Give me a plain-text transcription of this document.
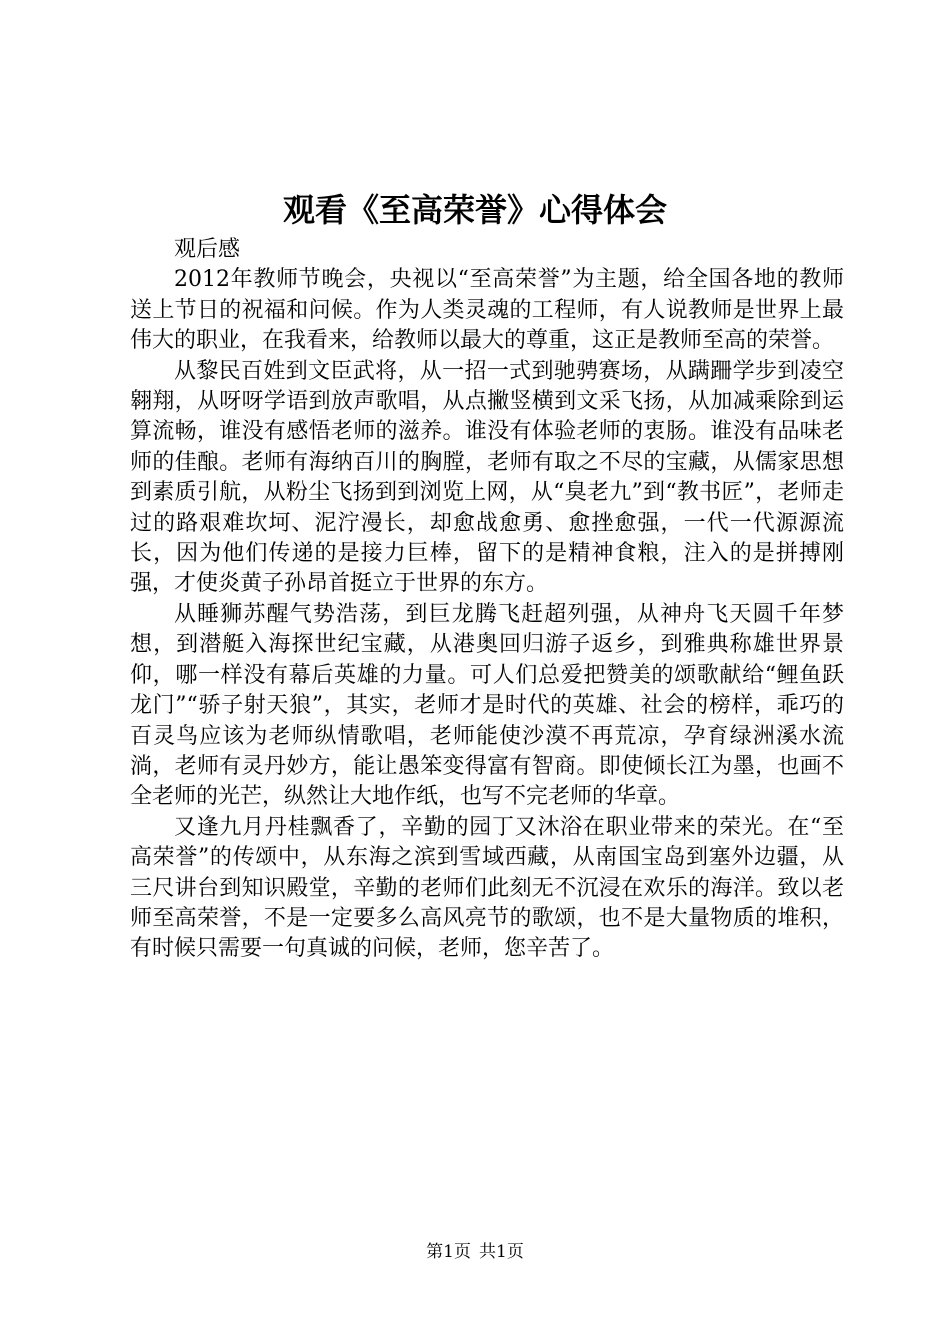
观看《至高荣誉》心得体会

观后感

2012年教师节晚会，央视以“至高荣誉”为主题，给全国各地的教师送上节日的祝福和问候。作为人类灵魂的工程师，有人说教师是世界上最伟大的职业，在我看来，给教师以最大的尊重，这正是教师至高的荣誉。

从黎民百姓到文臣武将，从一招一式到驰骋赛场，从蹒跚学步到凌空翱翔，从呀呀学语到放声歌唱，从点撇竖横到文采飞扬，从加减乘除到运算流畅，谁没有感悟老师的滋养。谁没有体验老师的衷肠。谁没有品味老师的佳酿。老师有海纳百川的胸膛，老师有取之不尽的宝藏，从儒家思想到素质引航，从粉尘飞扬到到浏览上网，从“臭老九”到“教书匠”，老师走过的路艰难坎坷、泥泞漫长，却愈战愈勇、愈挫愈强，一代一代源源流长，因为他们传递的是接力巨棒，留下的是精神食粮，注入的是拼搏刚强，才使炎黄子孙昂首挺立于世界的东方。

从睡狮苏醒气势浩荡，到巨龙腾飞赶超列强，从神舟飞天圆千年梦想，到潜艇入海探世纪宝藏，从港奥回归游子返乡，到雅典称雄世界景仰，哪一样没有幕后英雄的力量。可人们总爱把赞美的颂歌献给“鲤鱼跃龙门”“骄子射天狼”，其实，老师才是时代的英雄、社会的榜样，乖巧的百灵鸟应该为老师纵情歌唱，老师能使沙漠不再荒凉，孕育绿洲溪水流淌，老师有灵丹妙方，能让愚笨变得富有智商。即使倾长江为墨，也画不全老师的光芒，纵然让大地作纸，也写不完老师的华章。

又逢九月丹桂飘香了，辛勤的园丁又沐浴在职业带来的荣光。在“至高荣誉”的传颂中，从东海之滨到雪域西藏，从南国宝岛到塞外边疆，从三尺讲台到知识殿堂，辛勤的老师们此刻无不沉浸在欢乐的海洋。致以老师至高荣誉，不是一定要多么高风亮节的歌颂，也不是大量物质的堆积，有时候只需要一句真诚的问候，老师，您辛苦了。

第1页 共1页
